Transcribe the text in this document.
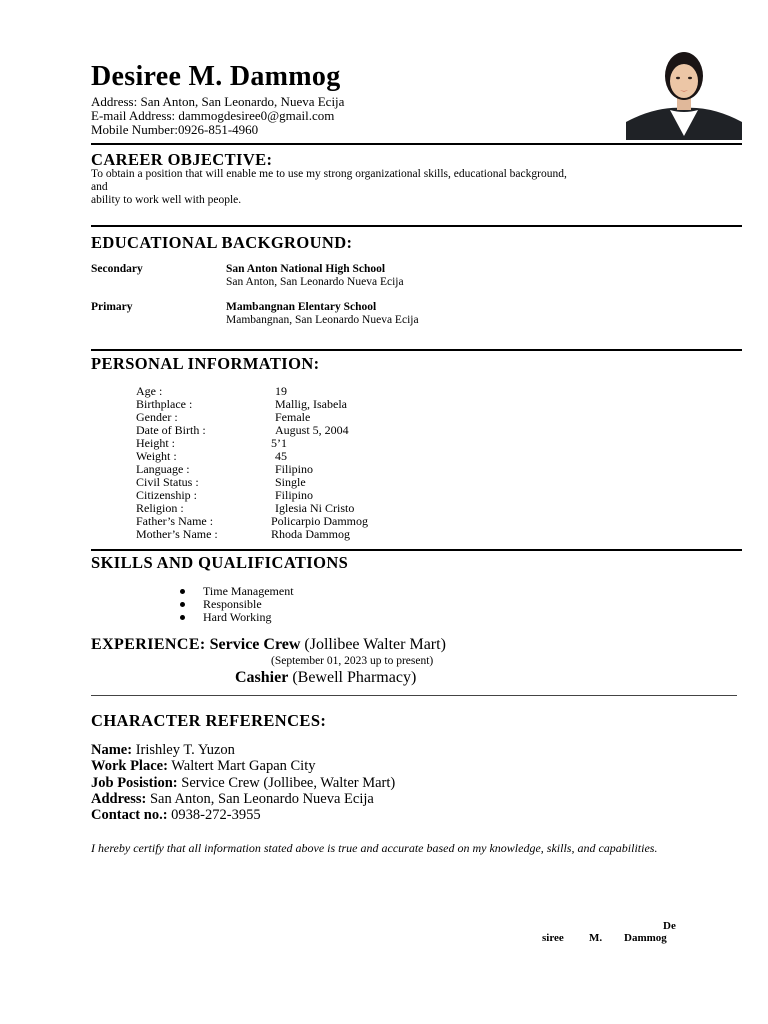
Desiree M. Dammog
Address: San Anton, San Leonardo, Nueva Ecija
E-mail Address: dammogdesiree0@gmail.com
Mobile Number:0926-851-4960
CAREER OBJECTIVE:
To obtain a position that will enable me to use my strong organizational skills, educational background,
and
ability to work well with people.
EDUCATIONAL BACKGROUND:
Secondary	San Anton National High School
San Anton, San Leonardo Nueva Ecija
Primary	Mambangnan Elentary School
Mambangnan, San Leonardo Nueva Ecija
PERSONAL INFORMATION:
Age :	19
Birthplace :	Mallig, Isabela
Gender :	Female
Date of Birth :	August 5, 2004
Height :	5’1
Weight :	45
Language :	Filipino
Civil Status :	Single
Citizenship :	Filipino
Religion :	Iglesia Ni Cristo
Father’s Name :	Policarpio Dammog
Mother’s Name :	Rhoda Dammog
SKILLS AND QUALIFICATIONS
Time Management
Responsible
Hard Working
EXPERIENCE: Service Crew (Jollibee Walter Mart)
(September 01, 2023 up to present)
Cashier (Bewell Pharmacy)
CHARACTER REFERENCES:
Name: Irishley T. Yuzon
Work Place: Waltert Mart Gapan City
Job Posistion: Service Crew (Jollibee, Walter Mart)
Address: San Anton, San Leonardo Nueva Ecija
Contact no.: 0938-272-3955
I hereby certify that all information stated above is true and accurate based on my knowledge, skills, and capabilities.
De
siree M. Dammog
